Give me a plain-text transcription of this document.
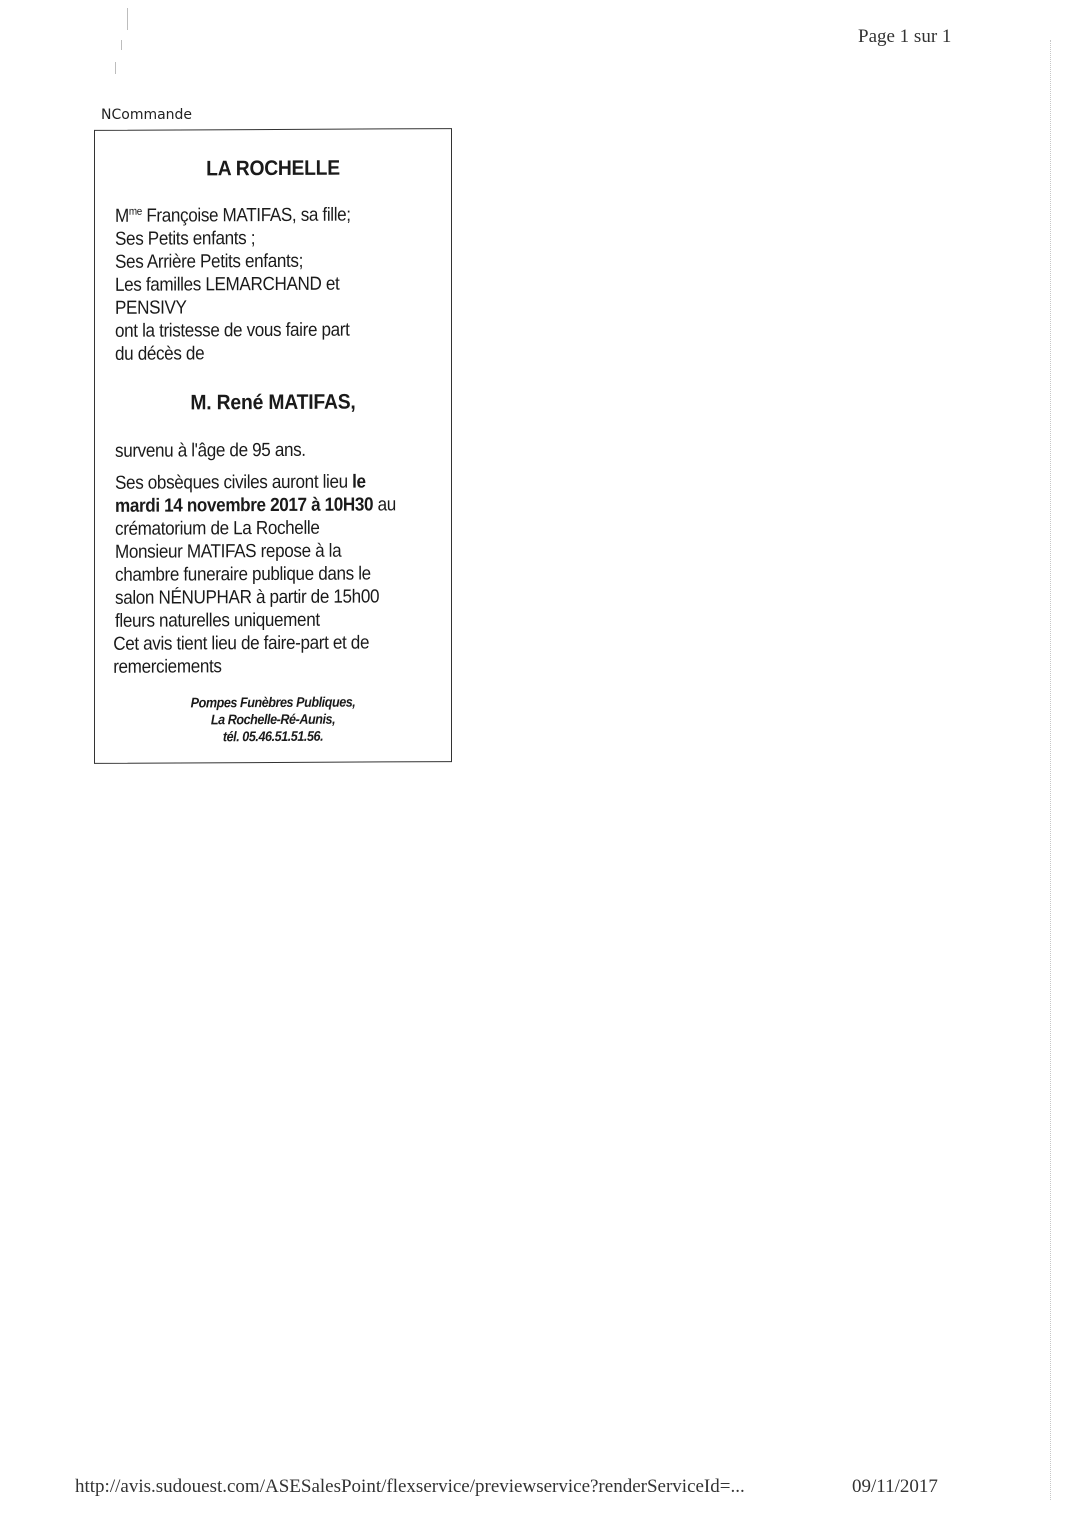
Page 1 sur 1
NCommande
LA ROCHELLE
$M^{me}$ Françoise MATIFAS, sa fille;
Ses Petits enfants ;
Ses Arrière Petits enfants;
Les familles LEMARCHAND et
PENSIVY
ont la tristesse de vous faire part
du décès de
M. René MATIFAS,
survenu à l'âge de 95 ans.
Ses obsèques civiles auront lieu le
mardi 14 novembre 2017 à 10H30 au
crématorium de La Rochelle
Monsieur MATIFAS repose à la
chambre funeraire publique dans le
salon NÉNUPHAR à partir de 15h00
fleurs naturelles uniquement
Cet avis tient lieu de faire-part et de
remerciements
Pompes Funèbres Publiques,
La Rochelle-Ré-Aunis,
tél. 05.46.51.51.56.
http://avis.sudouest.com/ASESalesPoint/flexservice/previewservice?renderServiceId=...	09/11/2017
